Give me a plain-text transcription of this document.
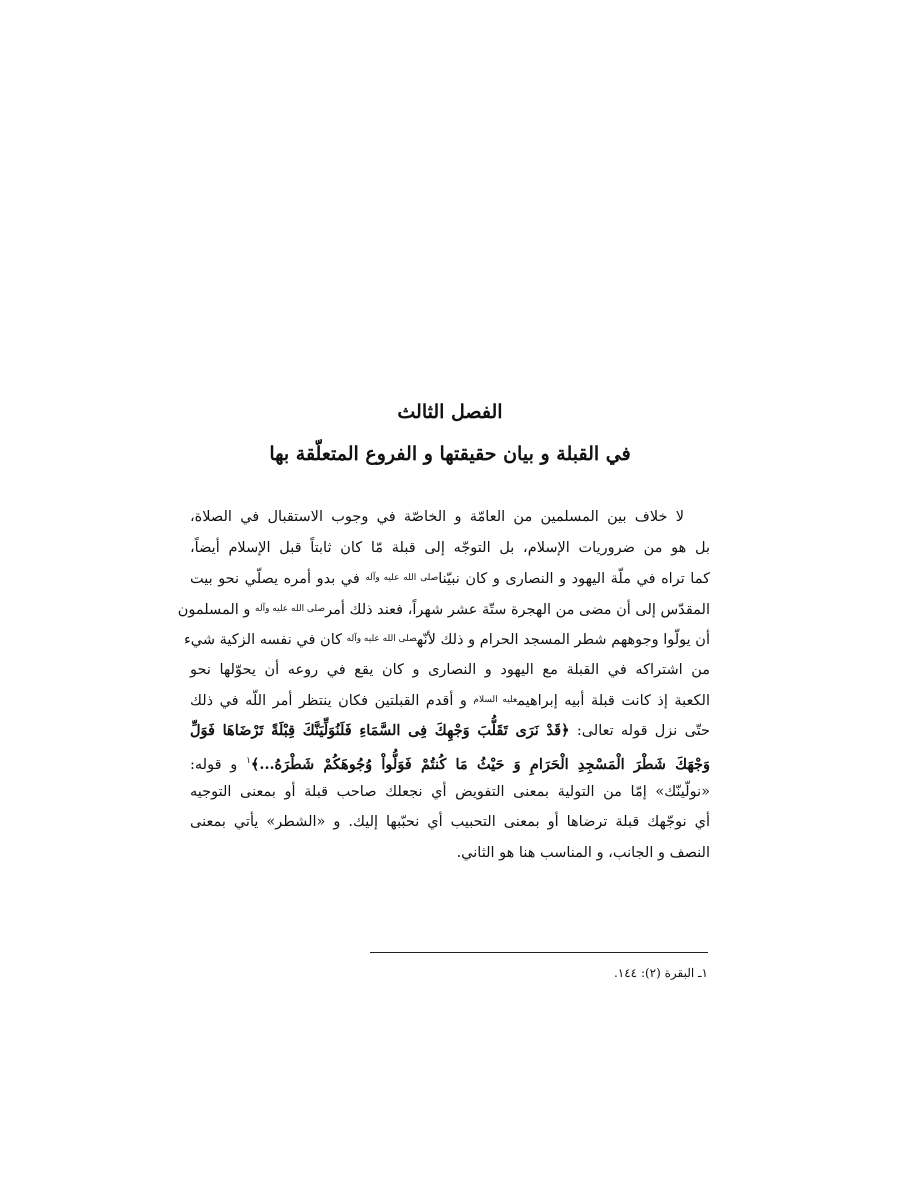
الفصل الثالث
في القبلة و بيان حقيقتها و الفروع المتعلّقة بها
لا خلاف بين المسلمين من العامّة و الخاصّة في وجوب الاستقبال في الصلاة،
بل هو من ضروريات الإسلام، بل التوجّه إلى قبلة مّا كان ثابتاً قبل الإسلام أيضاً،
كما تراه في ملّة اليهود و النصارى و كان نبيّنا$^{صلى الله عليه وآله}$ في بدو أمره يصلّي نحو بيت
المقدّس إلى أن مضى من الهجرة ستّة عشر شهراً، فعند ذلك أمر$^{صلى الله عليه وآله}$ و المسلمون
أن يولّوا وجوههم شطر المسجد الحرام و ذلك لأنّه$^{صلى الله عليه وآله}$ كان في نفسه الزكية شيء
من اشتراكه في القبلة مع اليهود و النصارى و كان يقع في روعه أن يحوّلها نحو
الكعبة إذ كانت قبلة أبيه إبراهيم$^{عليه السلام}$ و أقدم القبلتين فكان ينتظر أمر اللّه في ذلك
حتّى نزل قوله تعالى: ﴿قَدْ نَرَى تَقَلُّبَ وَجْهِكَ فِى السَّمَاءِ فَلَنُوَلِّيَنَّكَ قِبْلَةً تَرْضَاهَا فَوَلِّ
وَجْهَكَ شَطْرَ الْمَسْجِدِ الْحَرَامِ وَ حَيْثُ مَا كُنتُمْ فَوَلُّواْ وُجُوهَكُمْ شَطْرَهُ...﴾$^١$ و قوله:
«نولّينّك» إمّا من التولية بمعنى التفويض أي نجعلك صاحب قبلة أو بمعنى التوجيه
أي نوجّهك قبلة ترضاها أو بمعنى التحبيب أي نحبّبها إليك. و «الشطر» يأتي بمعنى
النصف و الجانب، و المناسب هنا هو الثاني.

١ـ البقرة (٢): ١٤٤.
